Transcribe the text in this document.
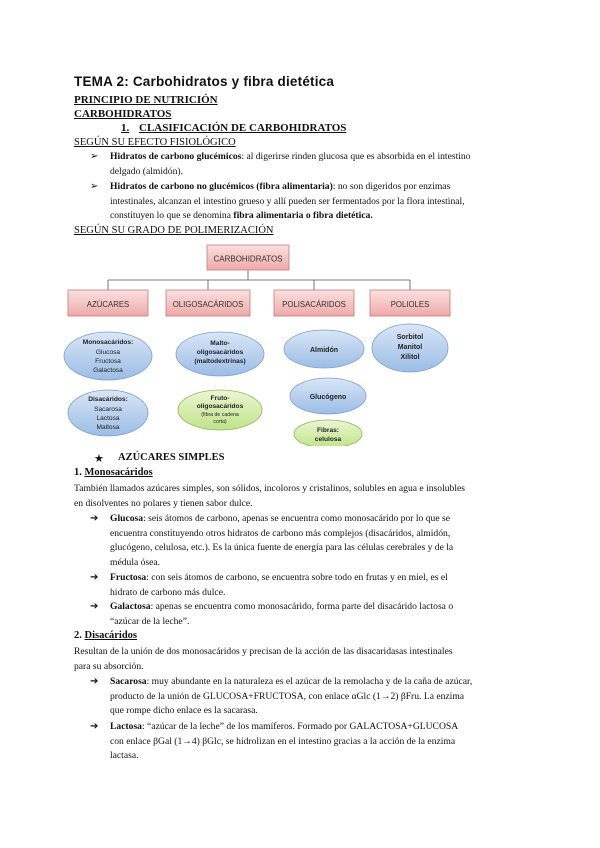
TEMA 2: Carbohidratos y fibra dietética
PRINCIPIO DE NUTRICIÓN
CARBOHIDRATOS
1. CLASIFICACIÓN DE CARBOHIDRATOS
SEGÚN SU EFECTO FISIOLÓGICO
➢ Hidratos de carbono glucémicos: al digerirse rinden glucosa que es absorbida en el intestino
delgado (almidón).
➢ Hidratos de carbono no glucémicos (fibra alimentaria): no son digeridos por enzimas
intestinales, alcanzan el intestino grueso y allí pueden ser fermentados por la flora intestinal,
constituyen lo que se denomina fibra alimentaria o fibra dietética.
SEGÚN SU GRADO DE POLIMERIZACIÓN
CARBOHIDRATOS
AZÚCARES	OLIGOSACÁRIDOS	POLISACÁRIDOS	POLIOLES
Monosacáridos:
Glucosa
Fructosa
Galactosa
Disacáridos:
Sacarosa
Lactosa
Maltosa
Malto-
oligosacáridos
(maltodextrinas)
Fruto-
oligosacáridos
(fibra de cadena
corta)
Almidón
Glucógeno
Fibras:
celulosa
Sorbitol
Manitol
Xilitol
★ AZÚCARES SIMPLES
1. Monosacáridos
También llamados azúcares simples, son sólidos, incoloros y cristalinos, solubles en agua e insolubles
en disolventes no polares y tienen sabor dulce.
➔ Glucosa: seis átomos de carbono, apenas se encuentra como monosacárido por lo que se
encuentra constituyendo otros hidratos de carbono más complejos (disacáridos, almidón,
glucógeno, celulosa, etc.). Es la única fuente de energía para las células cerebrales y de la
médula ósea.
➔ Fructosa: con seis átomos de carbono, se encuentra sobre todo en frutas y en miel, es el
hidrato de carbono más dulce.
➔ Galactosa: apenas se encuentra como monosacárido, forma parte del disacárido lactosa o
“azúcar de la leche”.
2. Disacáridos
Resultan de la unión de dos monosacáridos y precisan de la acción de las disacaridasas intestinales
para su absorción.
➔ Sacarosa: muy abundante en la naturaleza es el azúcar de la remolacha y de la caña de azúcar,
producto de la unión de GLUCOSA+FRUCTOSA, con enlace αGlc (1→2) βFru. La enzima
que rompe dicho enlace es la sacarasa.
➔ Lactosa: “azúcar de la leche” de los mamíferos. Formado por GALACTOSA+GLUCOSA
con enlace βGal (1→4) βGlc, se hidrolizan en el intestino gracias a la acción de la enzima
lactasa.
